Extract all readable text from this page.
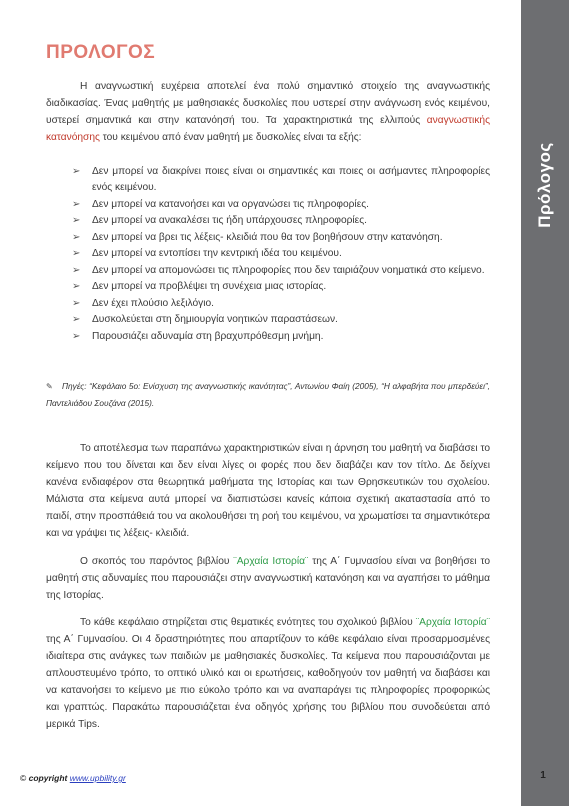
Πρόλογος
ΠΡΟΛΟΓΟΣ

Η αναγνωστική ευχέρεια αποτελεί ένα πολύ σημαντικό στοιχείο της αναγνωστικής διαδικασίας. Ένας μαθητής με μαθησιακές δυσκολίες που υστερεί στην ανάγνωση ενός κειμένου, υστερεί σημαντικά και στην κατανόησή του. Τα χαρακτηριστικά της ελλιπούς αναγνωστικής κατανόησης του κειμένου από έναν μαθητή με δυσκολίες είναι τα εξής:

➢ Δεν μπορεί να διακρίνει ποιες είναι οι σημαντικές και ποιες οι ασήμαντες πληροφορίες ενός κειμένου.
➢ Δεν μπορεί να κατανοήσει και να οργανώσει τις πληροφορίες.
➢ Δεν μπορεί να ανακαλέσει τις ήδη υπάρχουσες πληροφορίες.
➢ Δεν μπορεί να βρει τις λέξεις- κλειδιά που θα τον βοηθήσουν στην κατανόηση.
➢ Δεν μπορεί να εντοπίσει την κεντρική ιδέα του κειμένου.
➢ Δεν μπορεί να απομονώσει τις πληροφορίες που δεν ταιριάζουν νοηματικά στο κείμενο.
➢ Δεν μπορεί να προβλέψει τη συνέχεια μιας ιστορίας.
➢ Δεν έχει πλούσιο λεξιλόγιο.
➢ Δυσκολεύεται στη δημιουργία νοητικών παραστάσεων.
➢ Παρουσιάζει αδυναμία στη βραχυπρόθεσμη μνήμη.
✎ Πηγές: “Κεφάλαιο 5ο: Ενίσχυση της αναγνωστικής ικανότητας”, Αντωνίου Φαίη (2005), “Η αλφαβήτα που μπερδεύει”, Παντελιάδου Σουζάνα (2015).

Το αποτέλεσμα των παραπάνω χαρακτηριστικών είναι η άρνηση του μαθητή να διαβάσει το κείμενο που του δίνεται και δεν είναι λίγες οι φορές που δεν διαβάζει καν τον τίτλο. Δε δείχνει κανένα ενδιαφέρον στα θεωρητικά μαθήματα της Ιστορίας και των Θρησκευτικών του σχολείου. Μάλιστα στα κείμενα αυτά μπορεί να διαπιστώσει κανείς κάποια σχετική ακαταστασία από το παιδί, στην προσπάθειά του να ακολουθήσει τη ροή του κειμένου, να χρωματίσει τα σημαντικότερα και να γράψει τις λέξεις- κλειδιά.

Ο σκοπός του παρόντος βιβλίου ¨Αρχαία Ιστορία¨ της Α΄ Γυμνασίου είναι να βοηθήσει το μαθητή στις αδυναμίες που παρουσιάζει στην αναγνωστική κατανόηση και να αγαπήσει το μάθημα της Ιστορίας.

Το κάθε κεφάλαιο στηρίζεται στις θεματικές ενότητες του σχολικού βιβλίου ¨Αρχαία Ιστορία¨ της Α΄ Γυμνασίου. Οι 4 δραστηριότητες που απαρτίζουν το κάθε κεφάλαιο είναι προσαρμοσμένες ιδιαίτερα στις ανάγκες των παιδιών με μαθησιακές δυσκολίες. Τα κείμενα που παρουσιάζονται με απλουστευμένο τρόπο, το οπτικό υλικό και οι ερωτήσεις, καθοδηγούν τον μαθητή να διαβάσει και να κατανοήσει το κείμενο με πιο εύκολο τρόπο και να αναπαράγει τις πληροφορίες προφορικώς και γραπτώς. Παρακάτω παρουσιάζεται ένα οδηγός χρήσης του βιβλίου που συνοδεύεται από μερικά Tips.

© copyright www.upbility.gr	1
